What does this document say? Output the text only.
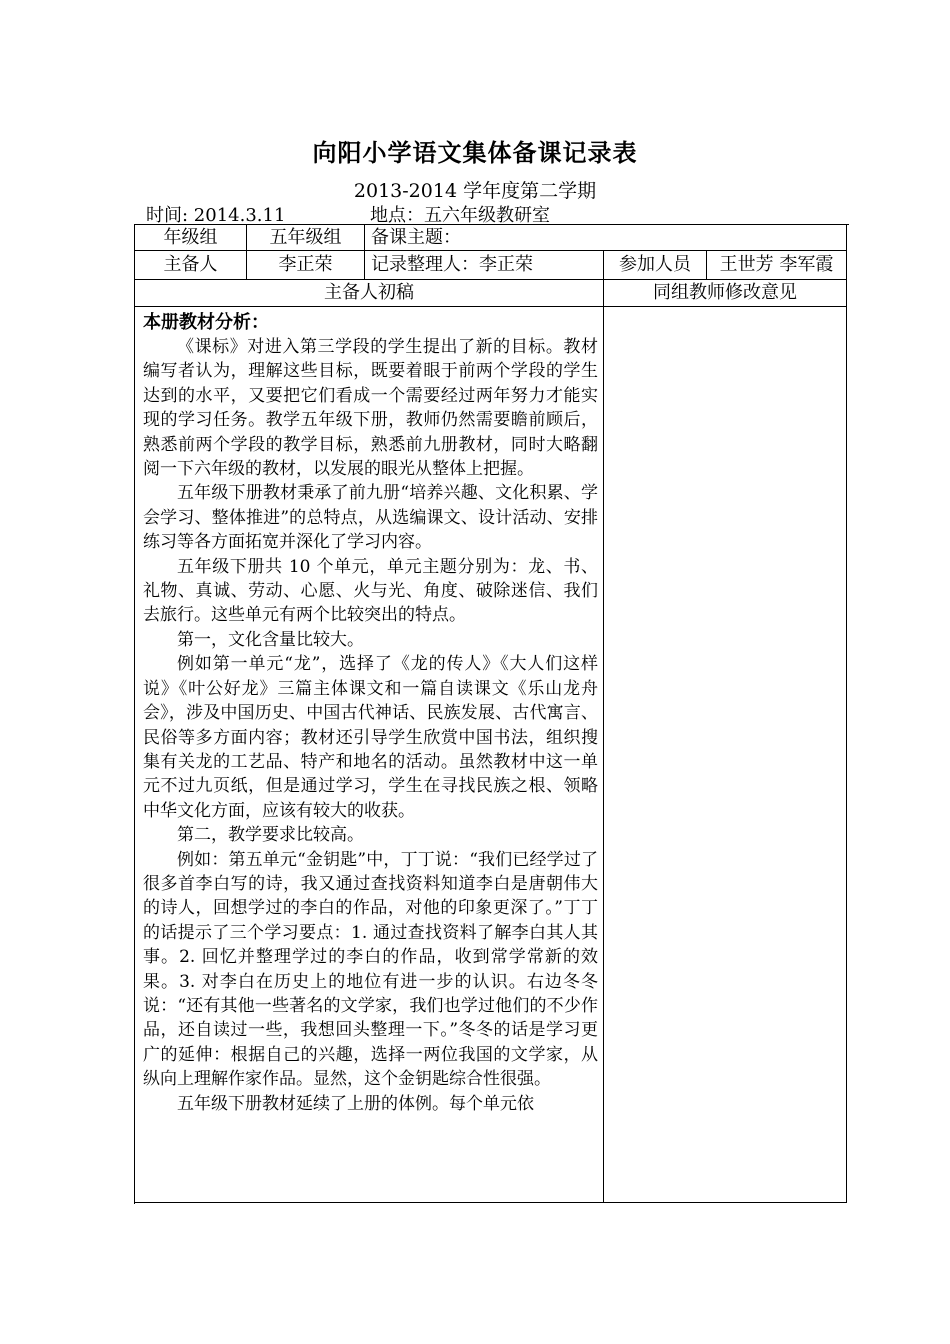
向阳小学语文集体备课记录表
2013-2014 学年度第二学期
时间: 2014.3.11	地点：五六年级教研室
年级组	五年级组	备课主题：
主备人	李正荣	记录整理人：李正荣	参加人员	王世芳 李军霞
主备人初稿	同组教师修改意见
本册教材分析：

《课标》对进入第三学段的学生提出了新的目标。教材编写者认为，理解这些目标，既要着眼于前两个学段的学生达到的水平，又要把它们看成一个需要经过两年努力才能实现的学习任务。教学五年级下册，教师仍然需要瞻前顾后，熟悉前两个学段的教学目标，熟悉前九册教材，同时大略翻阅一下六年级的教材，以发展的眼光从整体上把握。

五年级下册教材秉承了前九册“培养兴趣、文化积累、学会学习、整体推进”的总特点，从选编课文、设计活动、安排练习等各方面拓宽并深化了学习内容。

五年级下册共 10 个单元，单元主题分别为：龙、书、礼物、真诚、劳动、心愿、火与光、角度、破除迷信、我们去旅行。这些单元有两个比较突出的特点。

第一，文化含量比较大。

例如第一单元“龙”，选择了《龙的传人》《大人们这样说》《叶公好龙》三篇主体课文和一篇自读课文《乐山龙舟会》，涉及中国历史、中国古代神话、民族发展、古代寓言、民俗等多方面内容；教材还引导学生欣赏中国书法，组织搜集有关龙的工艺品、特产和地名的活动。虽然教材中这一单元不过九页纸，但是通过学习，学生在寻找民族之根、领略中华文化方面，应该有较大的收获。

第二，教学要求比较高。

例如：第五单元“金钥匙”中，丁丁说：“我们已经学过了很多首李白写的诗，我又通过查找资料知道李白是唐朝伟大的诗人，回想学过的李白的作品，对他的印象更深了。”丁丁的话提示了三个学习要点：1. 通过查找资料了解李白其人其事。2. 回忆并整理学过的李白的作品，收到常学常新的效果。3. 对李白在历史上的地位有进一步的认识。右边冬冬说：“还有其他一些著名的文学家，我们也学过他们的不少作品，还自读过一些，我想回头整理一下。”冬冬的话是学习更广的延伸：根据自己的兴趣，选择一两位我国的文学家，从纵向上理解作家作品。显然，这个金钥匙综合性很强。

五年级下册教材延续了上册的体例。每个单元依
